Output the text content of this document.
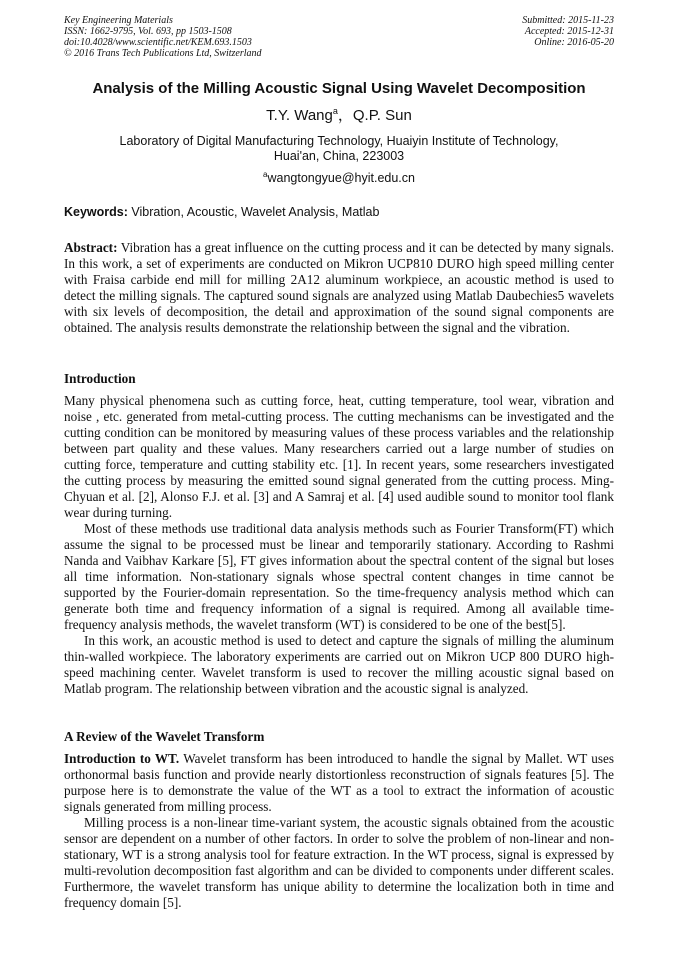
Key Engineering Materials
ISSN: 1662-9795, Vol. 693, pp 1503-1508
doi:10.4028/www.scientific.net/KEM.693.1503
© 2016 Trans Tech Publications Ltd, Switzerland
Submitted: 2015-11-23
Accepted: 2015-12-31
Online: 2016-05-20
Analysis of the Milling Acoustic Signal Using Wavelet Decomposition
T.Y. Wang$^a$，Q.P. Sun
Laboratory of Digital Manufacturing Technology, Huaiyin Institute of Technology,
Huai'an, China, 223003
$^a$wangtongyue@hyit.edu.cn
Keywords: Vibration, Acoustic, Wavelet Analysis, Matlab

Abstract: Vibration has a great influence on the cutting process and it can be detected by many signals. In this work, a set of experiments are conducted on Mikron UCP810 DURO high speed milling center with Fraisa carbide end mill for milling 2A12 aluminum workpiece, an acoustic method is used to detect the milling signals. The captured sound signals are analyzed using Matlab Daubechies5 wavelets with six levels of decomposition, the detail and approximation of the sound signal components are obtained. The analysis results demonstrate the relationship between the signal and the vibration.

Introduction

Many physical phenomena such as cutting force, heat, cutting temperature, tool wear, vibration and noise , etc. generated from metal-cutting process. The cutting mechanisms can be investigated and the cutting condition can be monitored by measuring values of these process variables and the relationship between part quality and these values. Many researchers carried out a large number of studies on cutting force, temperature and cutting stability etc. [1]. In recent years, some researchers investigated the cutting process by measuring the emitted sound signal generated from the cutting process. Ming-Chyuan et al. [2], Alonso F.J. et al. [3] and A Samraj et al. [4] used audible sound to monitor tool flank wear during turning.

Most of these methods use traditional data analysis methods such as Fourier Transform(FT) which assume the signal to be processed must be linear and temporarily stationary. According to Rashmi Nanda and Vaibhav Karkare [5], FT gives information about the spectral content of the signal but loses all time information. Non-stationary signals whose spectral content changes in time cannot be supported by the Fourier-domain representation. So the time-frequency analysis method which can generate both time and frequency information of a signal is required. Among all available time-frequency analysis methods, the wavelet transform (WT) is considered to be one of the best[5].

In this work, an acoustic method is used to detect and capture the signals of milling the aluminum thin-walled workpiece. The laboratory experiments are carried out on Mikron UCP 800 DURO high-speed machining center. Wavelet transform is used to recover the milling acoustic signal based on Matlab program. The relationship between vibration and the acoustic signal is analyzed.

A Review of the Wavelet Transform

Introduction to WT. Wavelet transform has been introduced to handle the signal by Mallet. WT uses orthonormal basis function and provide nearly distortionless reconstruction of signals features [5]. The purpose here is to demonstrate the value of the WT as a tool to extract the information of acoustic signals generated from milling process.

Milling process is a non-linear time-variant system, the acoustic signals obtained from the acoustic sensor are dependent on a number of other factors. In order to solve the problem of non-linear and non-stationary, WT is a strong analysis tool for feature extraction. In the WT process, signal is expressed by multi-revolution decomposition fast algorithm and can be divided to components under different scales. Furthermore, the wavelet transform has unique ability to determine the localization both in time and frequency domain [5].
